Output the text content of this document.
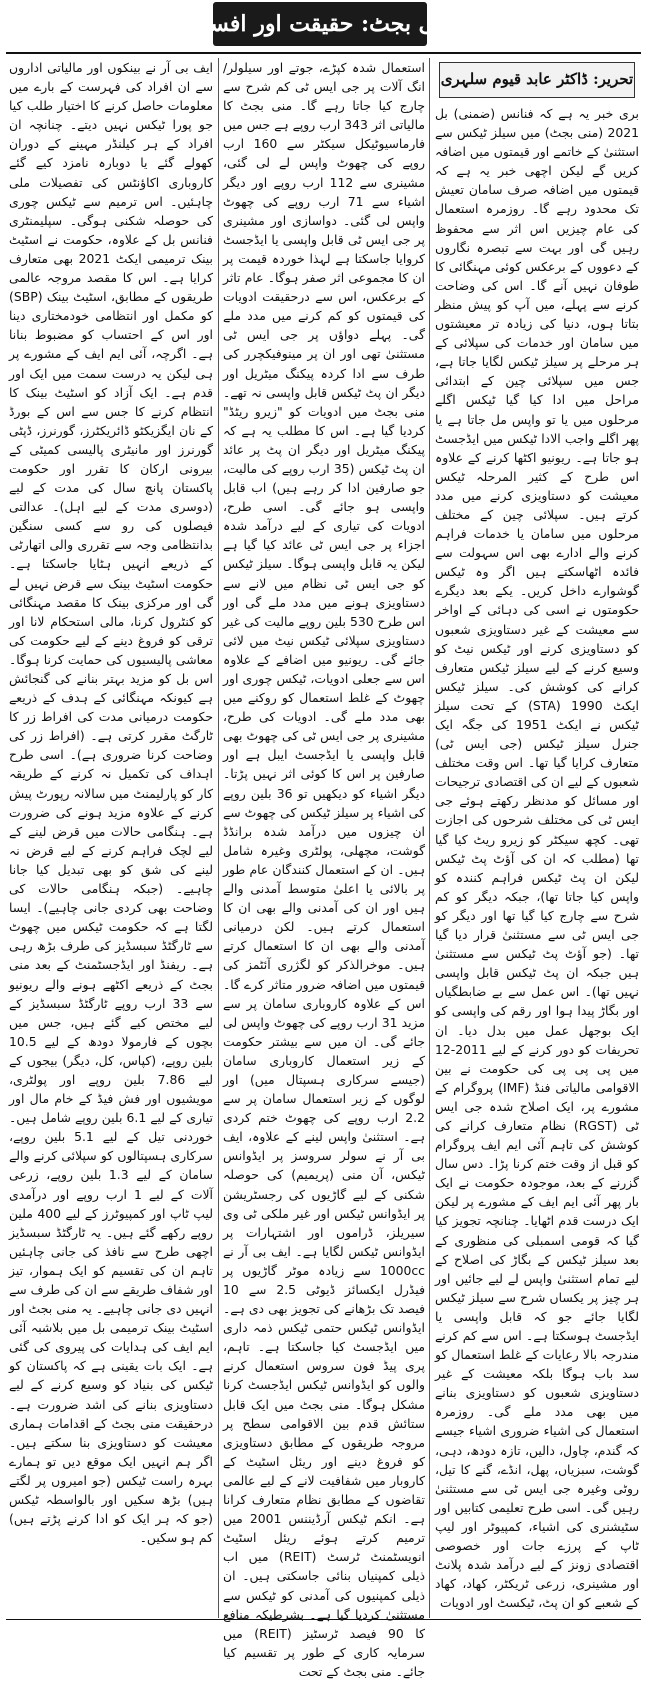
منی بجٹ: حقیقت اور افسانہ
تحریر: ڈاکٹر عابد قیوم سلہری

بری خبر یہ ہے کہ فنانس (ضمنی) بل 2021 (منی بجٹ) میں سیلز ٹیکس سے استثنیٰ کے خاتمے اور قیمتوں میں اضافہ کریں گے لیکن اچھی خبر یہ ہے کہ قیمتوں میں اضافہ صرف سامان تعیش تک محدود رہے گا۔ روزمرہ استعمال کی عام چیزیں اس اثر سے محفوظ رہیں گی اور بہت سے تبصرہ نگاروں کے دعووں کے برعکس کوئی مہنگائی کا طوفان نہیں آنے گا۔ اس کی وضاحت کرنے سے پہلے، میں آپ کو پیش منظر بتاتا ہوں، دنیا کی زیادہ تر معیشتوں میں سامان اور خدمات کی سپلائی کے ہر مرحلے پر سیلز ٹیکس لگایا جاتا ہے، جس میں سپلائی چین کے ابتدائی مراحل میں ادا کیا گیا ٹیکس اگلے مرحلوں میں یا تو واپس مل جاتا ہے یا پھر اگلے واجب الادا ٹیکس میں ایڈجسٹ ہو جاتا ہے۔ ریونیو اکٹھا کرنے کے علاوہ اس طرح کے کثیر المرحلہ ٹیکس معیشت کو دستاویزی کرنے میں مدد کرتے ہیں۔ سپلائی چین کے مختلف مرحلوں میں سامان یا خدمات فراہم کرنے والے ادارے بھی اس سہولت سے فائدہ اٹھاسکتے ہیں اگر وہ ٹیکس گوشوارے داخل کریں۔ یکے بعد دیگرے حکومتوں نے اسی کی دہائی کے اواخر سے معیشت کے غیر دستاویزی شعبوں کو دستاویزی کرنے اور ٹیکس نیٹ کو وسیع کرنے کے لیے سیلز ٹیکس متعارف کرانے کی کوشش کی۔ سیلز ٹیکس ایکٹ 1990 (STA) کے تحت سیلز ٹیکس نے ایکٹ 1951 کی جگہ ایک جنرل سیلز ٹیکس (جی ایس ٹی) متعارف کرایا گیا تھا۔ اس وقت مختلف شعبوں کے لیے ان کی اقتصادی ترجیحات اور مسائل کو مدنظر رکھتے ہوئے جی ایس ٹی کی مختلف شرحوں کی اجازت تھی۔ کچھ سیکٹر کو زیرو ریٹ کیا گیا تھا (مطلب کہ ان کی آؤٹ پٹ ٹیکس لیکن ان پٹ ٹیکس فراہم کنندہ کو واپس کیا جاتا تھا)، جبکہ دیگر کو کم شرح سے چارج کیا گیا تھا اور دیگر کو جی ایس ٹی سے مستثنیٰ قرار دیا گیا تھا۔ (جو آؤٹ پٹ ٹیکس سے مستثنیٰ ہیں جبکہ ان پٹ ٹیکس قابل واپسی نہیں تھا)۔ اس عمل سے بے ضابطگیاں اور بگاڑ پیدا ہوا اور رقم کی واپسی کو ایک بوجھل عمل میں بدل دیا۔ ان تحریفات کو دور کرنے کے لیے 2011-12 میں پی پی پی کی حکومت نے بین الاقوامی مالیاتی فنڈ (IMF) پروگرام کے مشورے پر، ایک اصلاح شدہ جی ایس ٹی (RGST) نظام متعارف کرانے کی کوشش کی تاہم آئی ایم ایف پروگرام کو قبل از وقت ختم کرنا پڑا۔ دس سال گزرنے کے بعد، موجودہ حکومت نے ایک بار پھر آئی ایم ایف کے مشورے پر لیکن ایک درست قدم اٹھایا۔ چنانچہ تجویز کیا گیا کہ قومی اسمبلی کی منظوری کے بعد سیلز ٹیکس کے بگاڑ کی اصلاح کے لیے تمام استثنیٰ واپس لے لیے جائیں اور ہر چیز پر یکساں شرح سے سیلز ٹیکس لگایا جائے جو کہ قابل واپسی یا ایڈجسٹ ہوسکتا ہے۔ اس سے کم کرنے مندرجہ بالا رعایات کے غلط استعمال کو سد باب ہوگا بلکہ معیشت کے غیر دستاویزی شعبوں کو دستاویزی بنانے میں بھی مدد ملے گی۔ روزمرہ استعمال کی اشیاء ضروری اشیاء جیسے کہ گندم، چاول، دالیں، تازہ دودھ، دہی، گوشت، سبزیاں، پھل، انڈے، گنے کا تیل، روٹی وغیرہ جی ایس ٹی سے مستثنیٰ رہیں گی۔ اسی طرح تعلیمی کتابیں اور سٹیشنری کی اشیاء، کمپیوٹر اور لیپ ٹاپ کے پرزے جات اور خصوصی اقتصادی زونز کے لیے درآمد شدہ پلانٹ اور مشینری، زرعی ٹریکٹر، کھاد، کھاد کے شعبے کو ان پٹ، ٹیکسٹ اور ادویات

استعمال شدہ کپڑے، جوتے اور سیلولر/انگ آلات پر جی ایس ٹی کم شرح سے چارج کیا جاتا رہے گا۔ منی بجٹ کا مالیاتی اثر 343 ارب روپے ہے جس میں فارماسیوٹیکل سیکٹر سے 160 ارب روپے کی چھوٹ واپس لے لی گئی، مشینری سے 112 ارب روپے اور دیگر اشیاء سے 71 ارب روپے کی چھوٹ واپس لی گئی۔ دواسازی اور مشینری پر جی ایس ٹی قابل واپسی یا ایڈجسٹ کروایا جاسکتا ہے لہذا خوردہ قیمت پر ان کا مجموعی اثر صفر ہوگا۔ عام تاثر کے برعکس، اس سے درحقیقت ادویات کی قیمتوں کو کم کرنے میں مدد ملے گی۔ پہلے دواؤں پر جی ایس ٹی مستثنیٰ تھی اور ان پر مینوفیکچرر کی طرف سے ادا کردہ پیکنگ میٹریل اور دیگر ان پٹ ٹیکس قابل واپسی نہ تھے۔ منی بجٹ میں ادویات کو "زیرو ریٹڈ" کردیا گیا ہے۔ اس کا مطلب یہ ہے کہ پیکنگ میٹریل اور دیگر ان پٹ پر عائد ان پٹ ٹیکس (35 ارب روپے کی مالیت، جو صارفین ادا کر رہے ہیں) اب قابل واپسی ہو جائے گی۔ اسی طرح، ادویات کی تیاری کے لیے درآمد شدہ اجزاء پر جی ایس ٹی عائد کیا گیا ہے لیکن یہ قابل واپسی ہوگا۔ سیلز ٹیکس کو جی ایس ٹی نظام میں لانے سے دستاویزی ہونے میں مدد ملے گی اور اس طرح 530 بلین روپے مالیت کی غیر دستاویزی سپلائی ٹیکس نیٹ میں لائی جائے گی۔ ریونیو میں اضافے کے علاوہ اس سے جعلی ادویات، ٹیکس چوری اور چھوٹ کے غلط استعمال کو روکنے میں بھی مدد ملے گی۔ ادویات کی طرح، مشینری پر جی ایس ٹی کی چھوٹ بھی قابل واپسی یا ایڈجسٹ ایبل ہے اور صارفین پر اس کا کوئی اثر نہیں پڑتا۔ دیگر اشیاء کو دیکھیں تو 36 بلین روپے کی اشیاء پر سیلز ٹیکس کی چھوٹ سے ان چیزوں میں درآمد شدہ برانڈڈ گوشت، مچھلی، پولٹری وغیرہ شامل ہیں۔ ان کے استعمال کنندگان عام طور پر بالائی یا اعلیٰ متوسط آمدنی والے ہیں اور ان کی آمدنی والے بھی ان کا استعمال کرتے ہیں۔ لکن درمیانی آمدنی والے بھی ان کا استعمال کرتے ہیں۔ موخرالذکر کو لگژری آئٹمز کی قیمتوں میں اضافہ ضرور متاثر کرے گا۔ اس کے علاوہ کاروباری سامان پر سے مزید 31 ارب روپے کی چھوٹ واپس لی جائے گی۔ ان میں سے بیشتر حکومت کے زیر استعمال کاروباری سامان (جیسے سرکاری ہسپتال میں) اور لوگوں کے زیر استعمال سامان پر سے 2.2 ارب روپے کی چھوٹ ختم کردی ہے۔ استثنیٰ واپس لینے کے علاوہ، ایف بی آر نے سولر سروسز پر ایڈوانس ٹیکس، آن منی (پریمیم) کی حوصلہ شکنی کے لیے گاڑیوں کی رجسٹریشن پر ایڈوانس ٹیکس اور غیر ملکی ٹی وی سیریلز، ڈراموں اور اشتہارات پر ایڈوانس ٹیکس لگایا ہے۔ ایف بی آر نے 1000cc سے زیادہ موٹر گاڑیوں پر فیڈرل ایکسائز ڈیوٹی 2.5 سے 10 فیصد تک بڑھانے کی تجویز بھی دی ہے۔ ایڈوانس ٹیکس حتمی ٹیکس ذمہ داری میں ایڈجسٹ کیا جاسکتا ہے۔ تاہم، پری پیڈ فون سروس استعمال کرنے والوں کو ایڈوانس ٹیکس ایڈجسٹ کرنا مشکل ہوگا۔ منی بجٹ میں ایک قابل ستائش قدم بین الاقوامی سطح پر مروجہ طریقوں کے مطابق دستاویزی کو فروغ دینے اور ریئل اسٹیٹ کے کاروبار میں شفافیت لانے کے لیے عالمی تقاضوں کے مطابق نظام متعارف کرانا ہے۔ انکم ٹیکس آرڈیننس 2001 میں ترمیم کرتے ہوئے ریئل اسٹیٹ انویسٹمنٹ ٹرسٹ (REIT) میں اب ذیلی کمپنیاں بنائی جاسکتی ہیں۔ ان ذیلی کمپنیوں کی آمدنی کو ٹیکس سے مستثنیٰ کردیا گیا ہے۔ بشرطیکہ منافع کا 90 فیصد ٹرسٹیز (REIT) میں سرمایہ کاری کے طور پر تقسیم کیا جائے۔ منی بجٹ کے تحت

ایف بی آر نے بینکوں اور مالیاتی اداروں سے ان افراد کی فہرست کے بارے میں معلومات حاصل کرنے کا اختیار طلب کیا جو پورا ٹیکس نہیں دیتے۔ چنانچہ ان افراد کے ہر کیلنڈر مہینے کے دوران کھولے گئے یا دوبارہ نامزد کیے گئے کاروباری اکاؤنٹس کی تفصیلات ملی چاہئیں۔ اس ترمیم سے ٹیکس چوری کی حوصلہ شکنی ہوگی۔ سپلیمنٹری فنانس بل کے علاوہ، حکومت نے اسٹیٹ بینک ترمیمی ایکٹ 2021 بھی متعارف کرایا ہے۔ اس کا مقصد مروجہ عالمی طریقوں کے مطابق، اسٹیٹ بینک (SBP) کو مکمل اور انتظامی خودمختاری دینا اور اس کے احتساب کو مضبوط بنانا ہے۔ اگرچہ، آئی ایم ایف کے مشورے پر ہی لیکن یہ درست سمت میں ایک اور قدم ہے۔ ایک آزاد کو اسٹیٹ بینک کا انتظام کرنے کا جس سے اس کے بورڈ کے نان ایگزیکٹو ڈائریکٹرز، گورنرز، ڈپٹی گورنرز اور مانیٹری پالیسی کمیٹی کے بیرونی ارکان کا تقرر اور حکومت پاکستان پانچ سال کی مدت کے لیے (دوسری مدت کے لیے اہل)۔ عدالتی فیصلوں کی رو سے کسی سنگین بدانتظامی وجہ سے تقرری والی اتھارٹی کے ذریعے انہیں ہٹایا جاسکتا ہے۔ حکومت اسٹیٹ بینک سے قرض نہیں لے گی اور مرکزی بینک کا مقصد مہنگائی کو کنٹرول کرنا، مالی استحکام لانا اور ترقی کو فروغ دینے کے لیے حکومت کی معاشی پالیسیوں کی حمایت کرنا ہوگا۔ اس بل کو مزید بہتر بنانے کی گنجائش ہے کیونکہ مہنگائی کے ہدف کے ذریعے حکومت درمیانی مدت کی افراط زر کا ٹارگٹ مقرر کرتی ہے۔ (افراط زر کی وضاحت کرنا ضروری ہے)۔ اسی طرح اہداف کی تکمیل نہ کرنے کے طریقہ کار کو پارلیمنٹ میں سالانہ رپورٹ پیش کرنے کے علاوہ مزید ہونے کی ضرورت ہے۔ ہنگامی حالات میں قرض لینے کے لیے لچک فراہم کرنے کے لیے قرض نہ لینے کی شق کو بھی تبدیل کیا جانا چاہیے۔ (جبکہ ہنگامی حالات کی وضاحت بھی کردی جانی چاہیے)۔ ایسا لگتا ہے کہ حکومت ٹیکس میں چھوٹ سے ٹارگٹڈ سبسڈیز کی طرف بڑھ رہی ہے۔ ریفنڈ اور ایڈجسٹمنٹ کے بعد منی بجٹ کے ذریعے اکٹھے ہونے والے ریونیو سے 33 ارب روپے ٹارگٹڈ سبسڈیز کے لیے مختص کیے گئے ہیں، جس میں بچوں کے فارمولا دودھ کے لیے 10.5 بلین روپے، (کپاس، کل، دیگر) بیجوں کے لیے 7.86 بلین روپے اور پولٹری، مویشیوں اور فش فیڈ کے خام مال اور تیاری کے لیے 6.1 بلین روپے شامل ہیں۔ خوردنی تیل کے لیے 5.1 بلین روپے، سرکاری ہسپتالوں کو سپلائی کرنے والے سامان کے لیے 1.3 بلین روپے، زرعی آلات کے لیے 1 ارب روپے اور درآمدی لیپ ٹاپ اور کمپیوٹرز کے لیے 400 ملین روپے رکھے گئے ہیں۔ یہ ٹارگٹڈ سبسڈیز اچھی طرح سے نافذ کی جانی چاہئیں تاہم ان کی تقسیم کو ایک ہموار، تیز اور شفاف طریقے سے ان کی طرف سے انہیں دی جانی چاہیے۔ یہ منی بجٹ اور اسٹیٹ بینک ترمیمی بل میں بلاشبہ آئی ایم ایف کی ہدایات کی پیروی کی گئی ہے۔ ایک بات یقینی ہے کہ پاکستان کو ٹیکس کی بنیاد کو وسیع کرنے کے لیے دستاویزی بنانے کی اشد ضرورت ہے۔ درحقیقت منی بجٹ کے اقدامات ہماری معیشت کو دستاویزی بنا سکتے ہیں۔ اگر ہم انہیں ایک موقع دیں تو ہمارے بہرہ راست ٹیکس (جو امیروں پر لگتے ہیں) بڑھ سکیں اور بالواسطہ ٹیکس (جو کہ ہر ایک کو ادا کرنے پڑتے ہیں) کم ہو سکیں۔
